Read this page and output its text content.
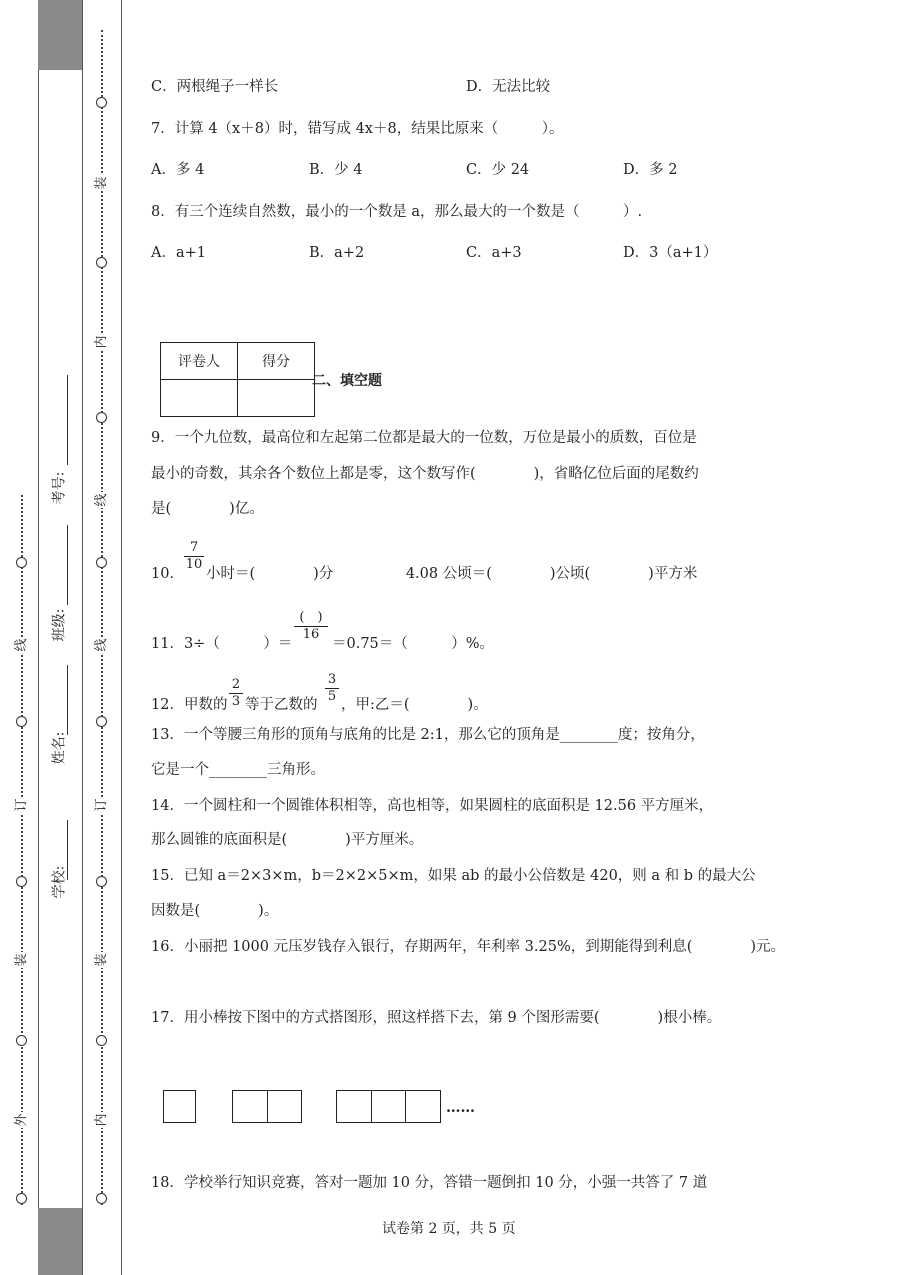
外
装
订
线
装
内
线
订
线
装
内
学校:
姓名:
班级:
考号:
C．两根绳子一样长	D．无法比较
7．计算 4（x＋8）时，错写成 4x＋8，结果比原来（　　　）。
A．多 4	B．少 4	C．少 24	D．多 2
8．有三个连续自然数，最小的一个数是 a，那么最大的一个数是（　　　）.
A．a+1	B．a+2	C．a+3	D．3（a+1）
评卷人	得分

二、填空题
9．一个九位数，最高位和左起第二位都是最大的一位数，万位是最小的质数，百位是
最小的奇数，其余各个数位上都是零，这个数写作(　　　　)，省略亿位后面的尾数约
是(　　　　)亿。
10．
$\frac{7}{10}$
小时＝(　　　　)分　　　　　4.08 公顷＝(　　　　)公顷(　　　　)平方米
11．3÷（　　　）＝
(　)
16
＝0.75＝（　　　）%。
12．甲数的 $\frac{2}{3}$ 等于乙数的 $\frac{3}{5}$ ，甲:乙＝(　　　　)。
13．一个等腰三角形的顶角与底角的比是 2:1，那么它的顶角是________度；按角分，
它是一个________三角形。
14．一个圆柱和一个圆锥体积相等，高也相等，如果圆柱的底面积是 12.56 平方厘米，
那么圆锥的底面积是(　　　　)平方厘米。
15．已知 a＝2×3×m，b＝2×2×5×m，如果 ab 的最小公倍数是 420，则 a 和 b 的最大公
因数是(　　　　)。
16．小丽把 1000 元压岁钱存入银行，存期两年，年利率 3.25%，到期能得到利息(　　　　)元。
17．用小棒按下图中的方式搭图形，照这样搭下去，第 9 个图形需要(　　　　)根小棒。
……
18．学校举行知识竞赛，答对一题加 10 分，答错一题倒扣 10 分，小强一共答了 7 道
试卷第 2 页，共 5 页
